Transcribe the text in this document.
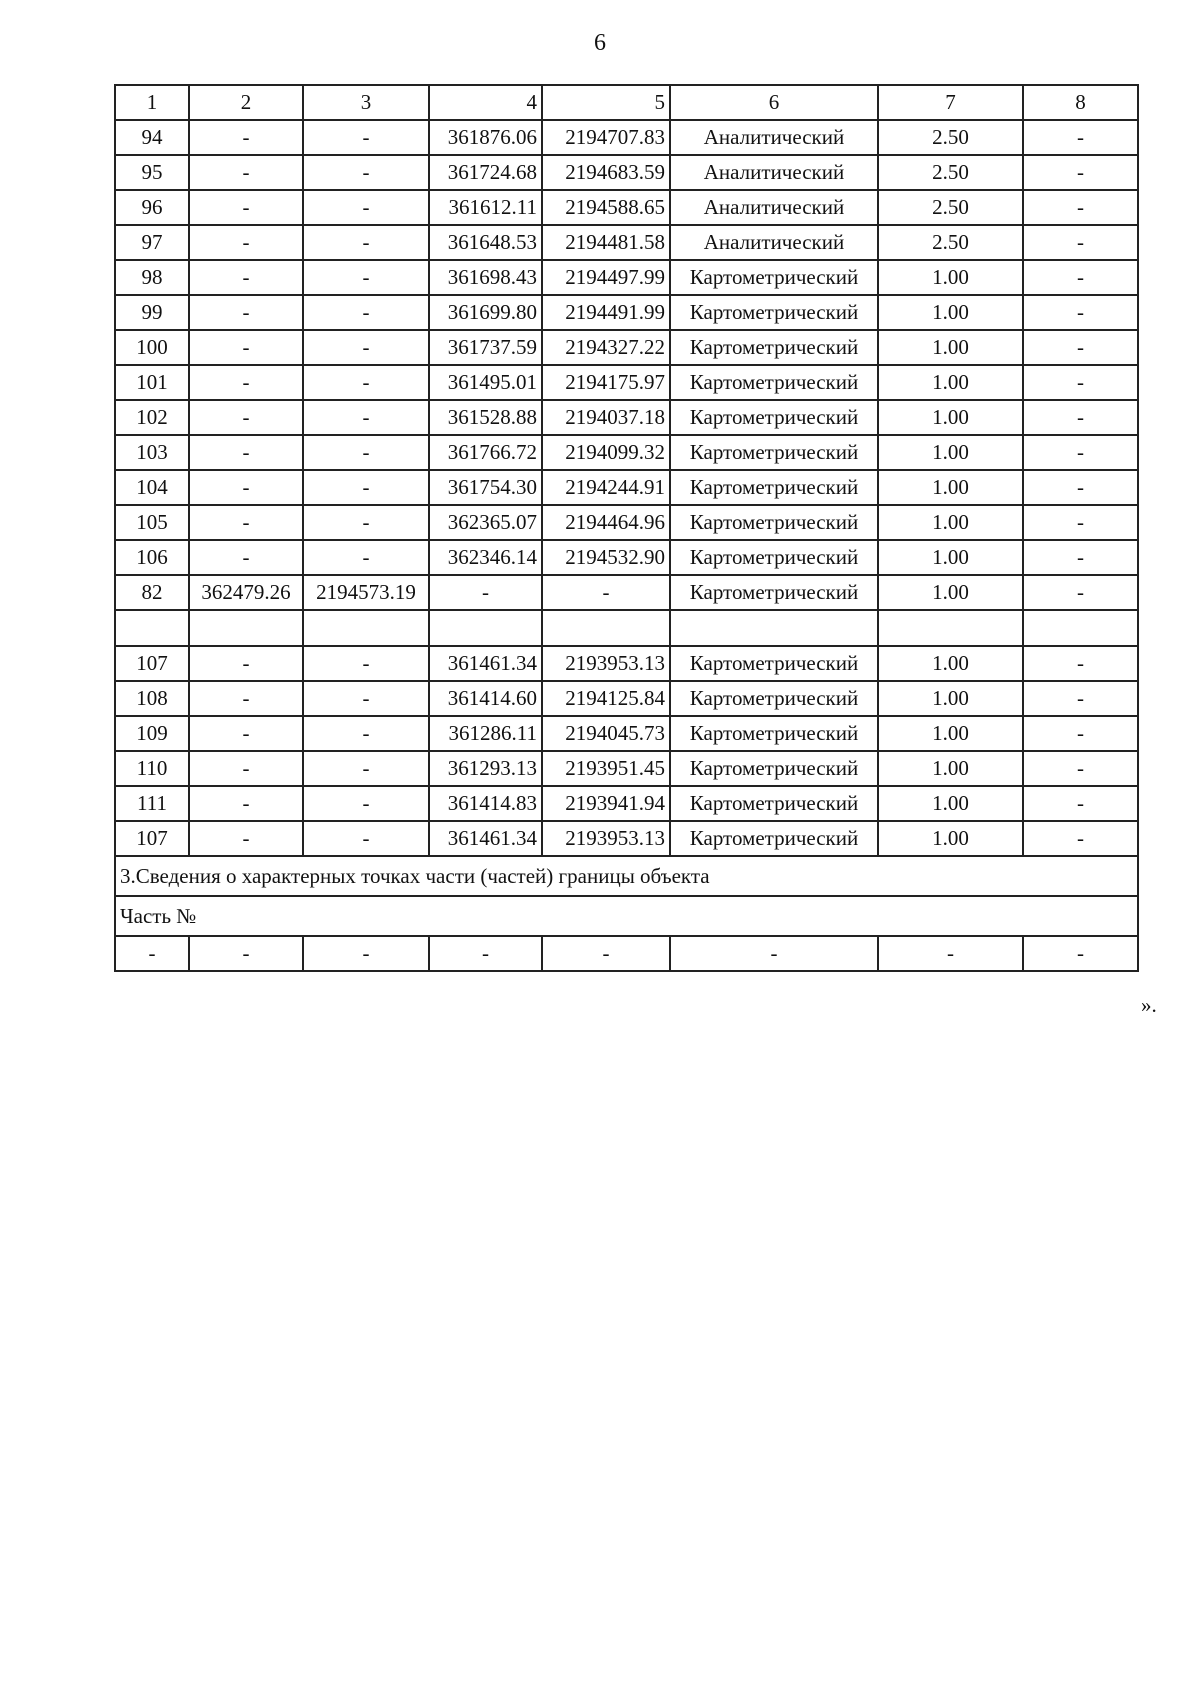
6
1	2	3	4	5	6	7	8
94	-	-	361876.06	2194707.83	Аналитический	2.50	-
95	-	-	361724.68	2194683.59	Аналитический	2.50	-
96	-	-	361612.11	2194588.65	Аналитический	2.50	-
97	-	-	361648.53	2194481.58	Аналитический	2.50	-
98	-	-	361698.43	2194497.99	Картометрический	1.00	-
99	-	-	361699.80	2194491.99	Картометрический	1.00	-
100	-	-	361737.59	2194327.22	Картометрический	1.00	-
101	-	-	361495.01	2194175.97	Картометрический	1.00	-
102	-	-	361528.88	2194037.18	Картометрический	1.00	-
103	-	-	361766.72	2194099.32	Картометрический	1.00	-
104	-	-	361754.30	2194244.91	Картометрический	1.00	-
105	-	-	362365.07	2194464.96	Картометрический	1.00	-
106	-	-	362346.14	2194532.90	Картометрический	1.00	-
82	362479.26	2194573.19	-	-	Картометрический	1.00	-

107	-	-	361461.34	2193953.13	Картометрический	1.00	-
108	-	-	361414.60	2194125.84	Картометрический	1.00	-
109	-	-	361286.11	2194045.73	Картометрический	1.00	-
110	-	-	361293.13	2193951.45	Картометрический	1.00	-
111	-	-	361414.83	2193941.94	Картометрический	1.00	-
107	-	-	361461.34	2193953.13	Картометрический	1.00	-
3.Сведения о характерных точках части (частей) границы объекта							
Часть №							
-	-	-	-	-	-	-	-
».
